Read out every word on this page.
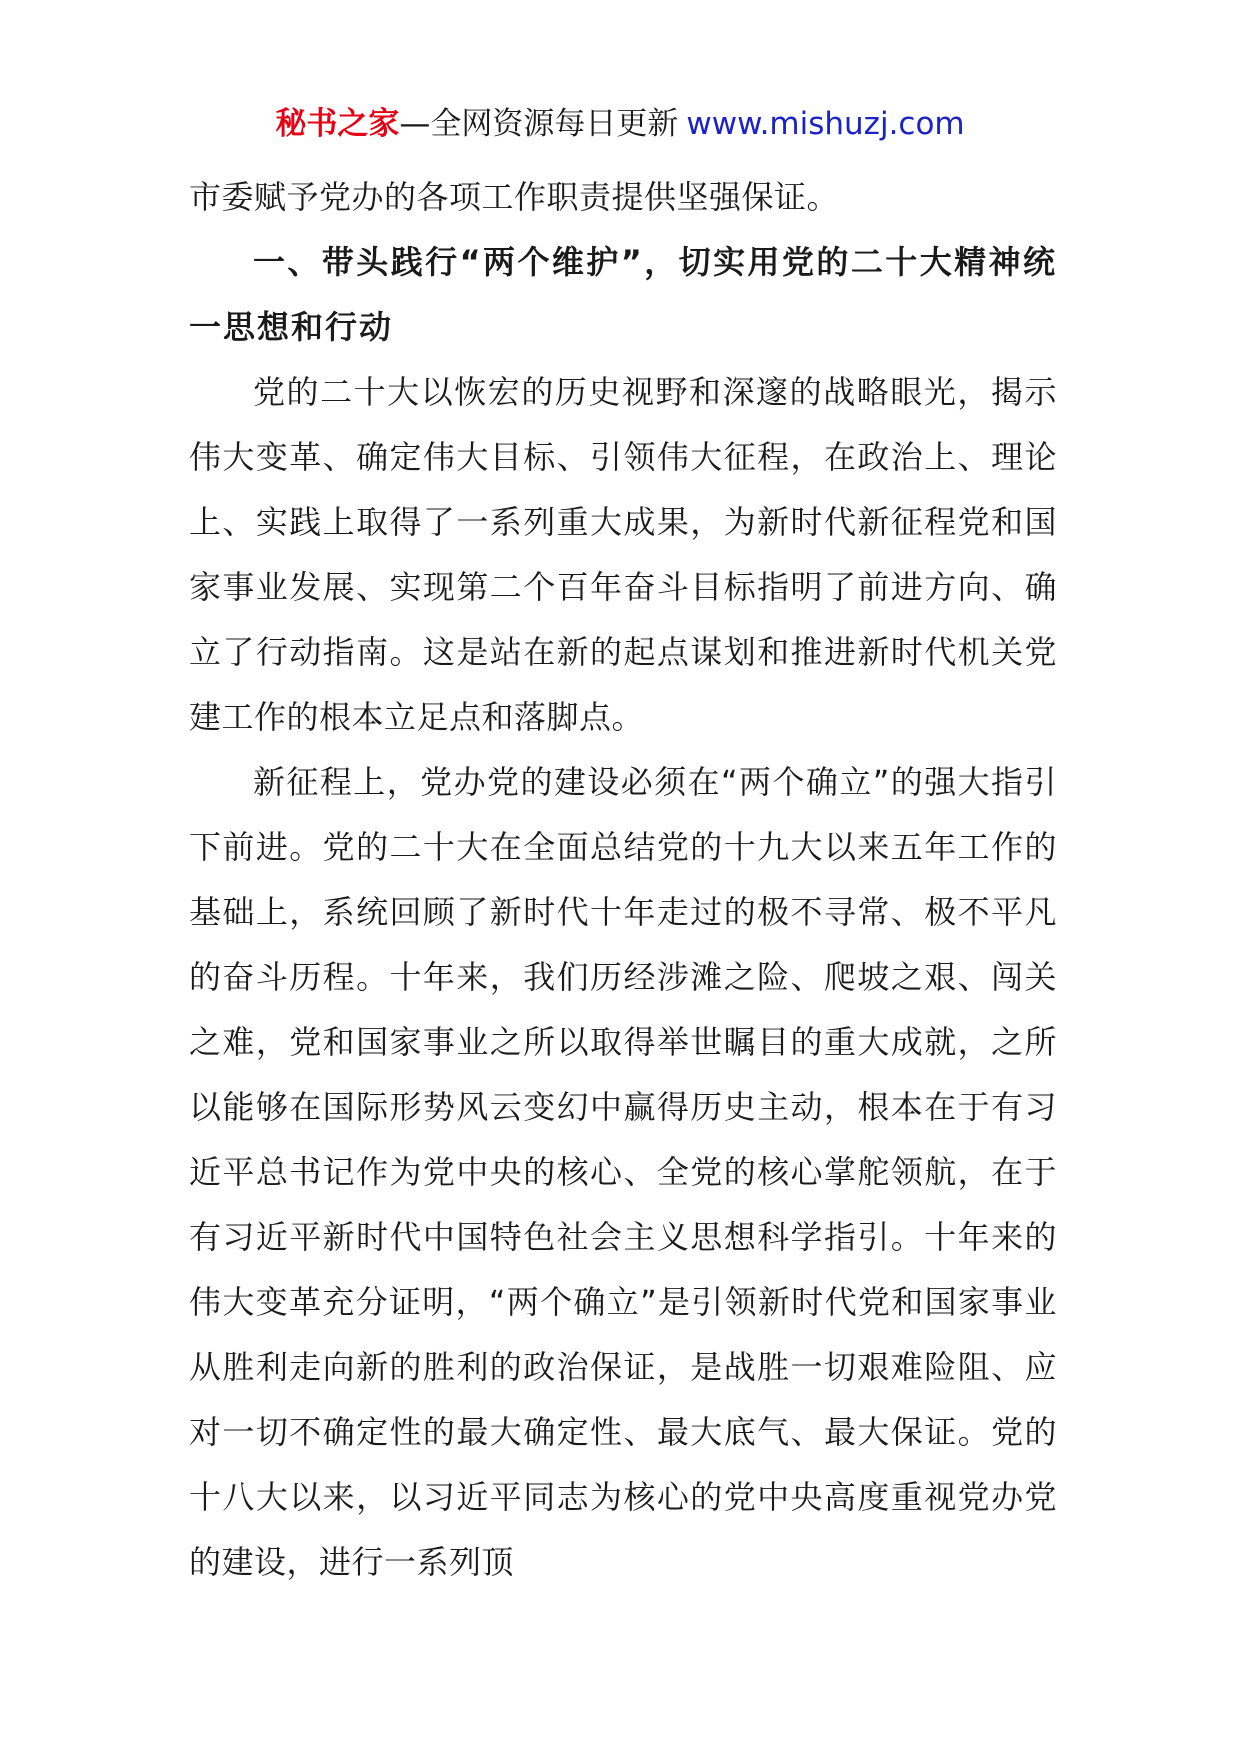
秘书之家—全网资源每日更新 www.mishuzj.com

市委赋予党办的各项工作职责提供坚强保证。

一、带头践行“两个维护”，切实用党的二十大精神统一思想和行动

党的二十大以恢宏的历史视野和深邃的战略眼光，揭示伟大变革、确定伟大目标、引领伟大征程，在政治上、理论上、实践上取得了一系列重大成果，为新时代新征程党和国家事业发展、实现第二个百年奋斗目标指明了前进方向、确立了行动指南。这是站在新的起点谋划和推进新时代机关党建工作的根本立足点和落脚点。

新征程上，党办党的建设必须在“两个确立”的强大指引下前进。党的二十大在全面总结党的十九大以来五年工作的基础上，系统回顾了新时代十年走过的极不寻常、极不平凡的奋斗历程。十年来，我们历经涉滩之险、爬坡之艰、闯关之难，党和国家事业之所以取得举世瞩目的重大成就，之所以能够在国际形势风云变幻中赢得历史主动，根本在于有习近平总书记作为党中央的核心、全党的核心掌舵领航，在于有习近平新时代中国特色社会主义思想科学指引。十年来的伟大变革充分证明，“两个确立”是引领新时代党和国家事业从胜利走向新的胜利的政治保证，是战胜一切艰难险阻、应对一切不确定性的最大确定性、最大底气、最大保证。党的十八大以来，以习近平同志为核心的党中央高度重视党办党的建设，进行一系列顶
